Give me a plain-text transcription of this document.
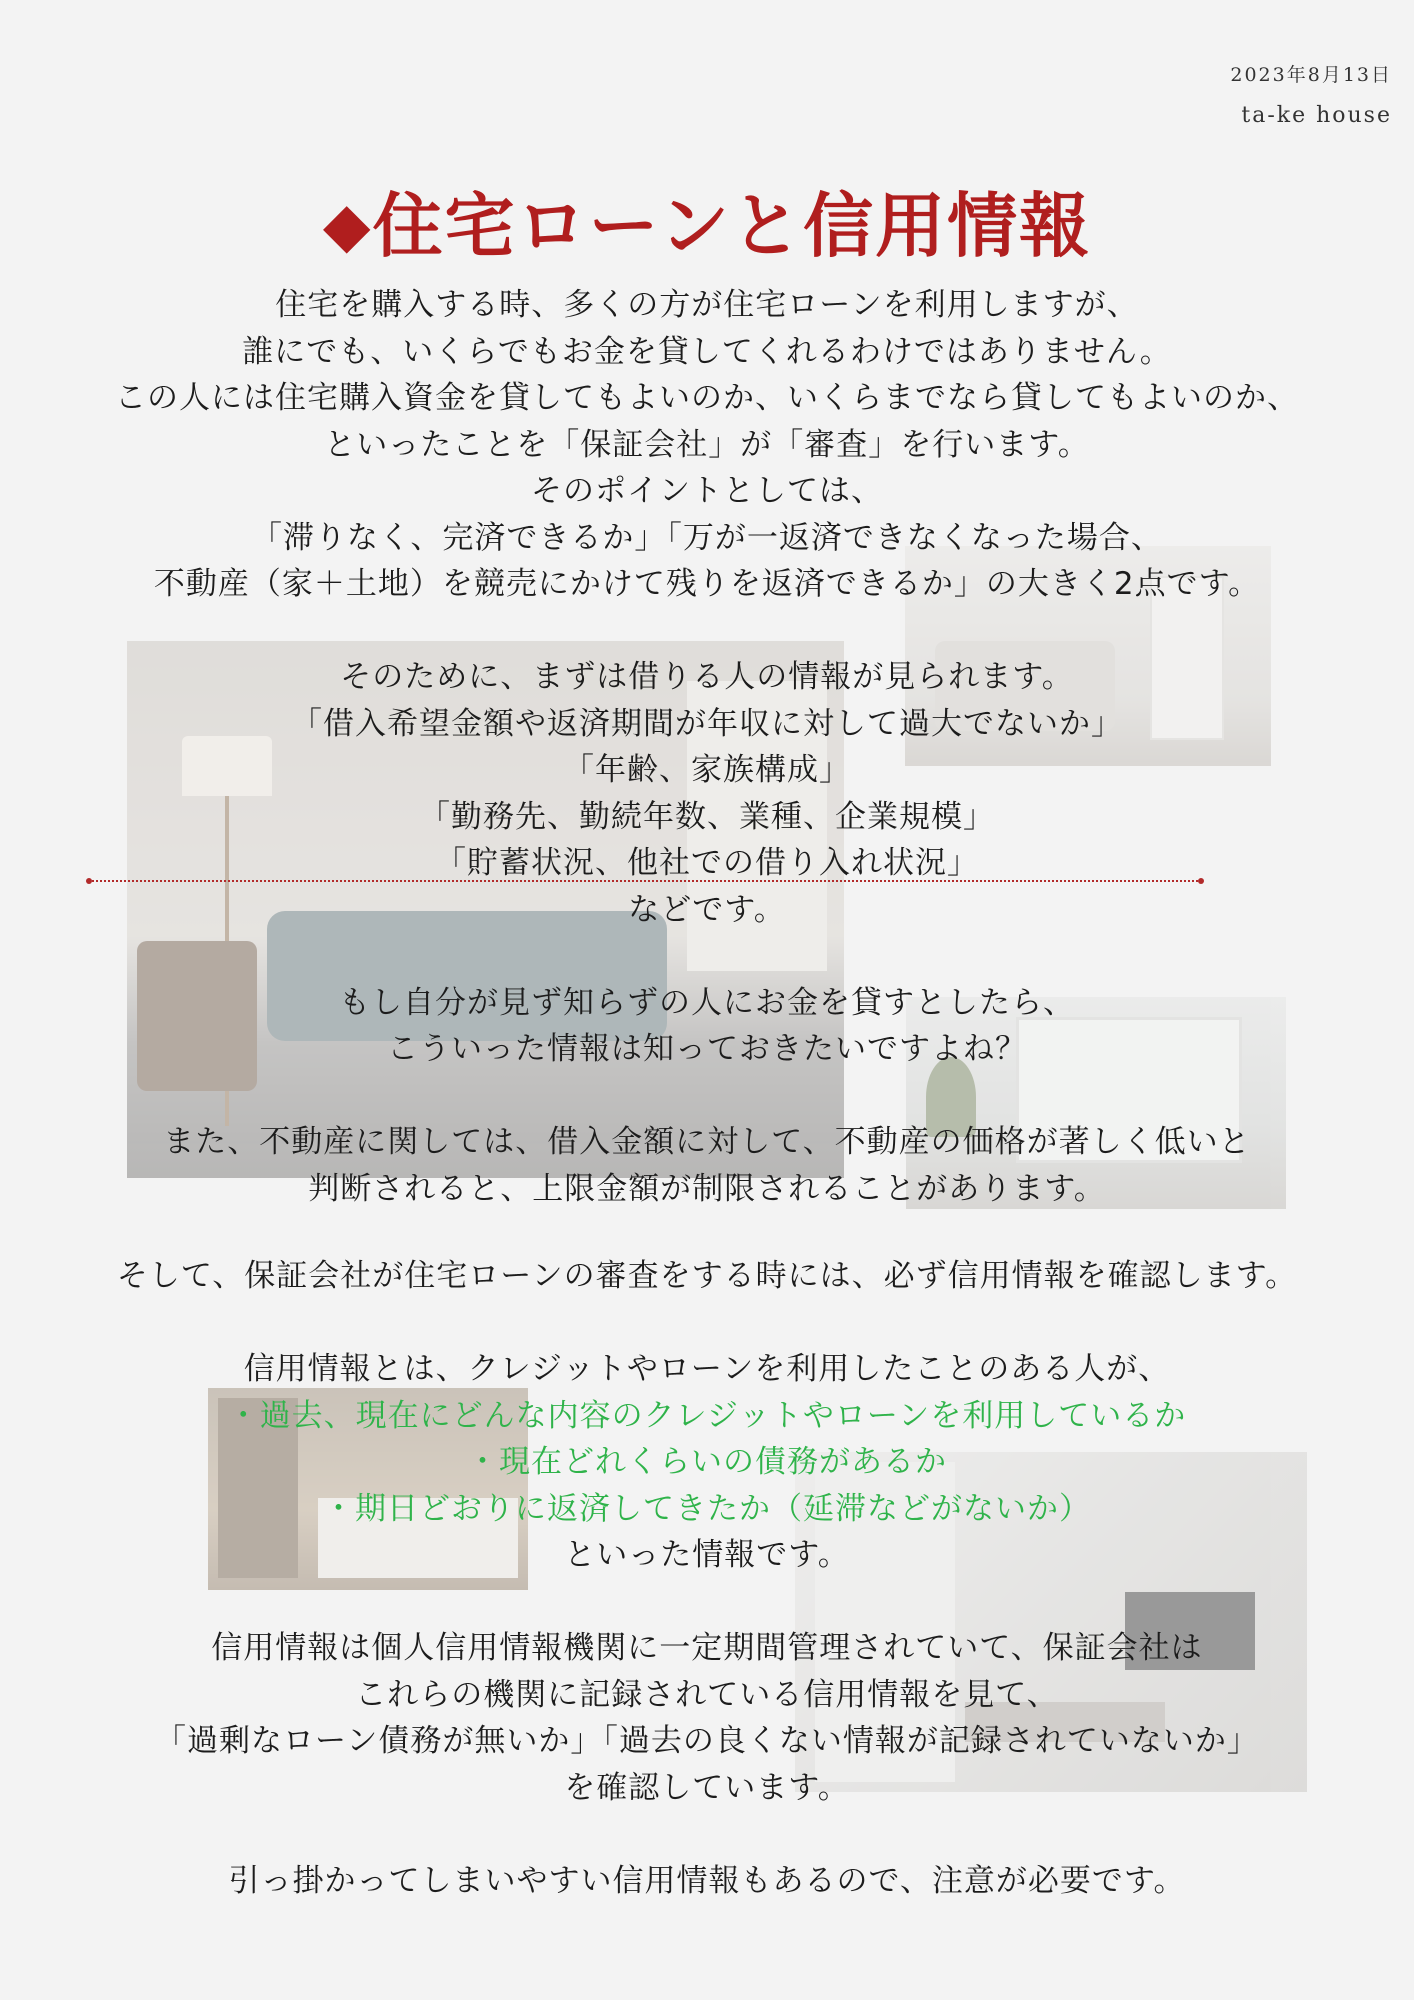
2023年8月13日
ta-ke house
◆住宅ローンと信用情報

住宅を購入する時、多くの方が住宅ローンを利用しますが、

誰にでも、いくらでもお金を貸してくれるわけではありません。

この人には住宅購入資金を貸してもよいのか、いくらまでなら貸してもよいのか、

といったことを「保証会社」が「審査」を行います。

そのポイントとしては、

「滞りなく、完済できるか」「万が一返済できなくなった場合、

不動産（家＋土地）を競売にかけて残りを返済できるか」の大きく2点です。

そのために、まずは借りる人の情報が見られます。

「借入希望金額や返済期間が年収に対して過大でないか」

「年齢、家族構成」

「勤務先、勤続年数、業種、企業規模」

「貯蓄状況、他社での借り入れ状況」

などです。

もし自分が見ず知らずの人にお金を貸すとしたら、

こういった情報は知っておきたいですよね？

また、不動産に関しては、借入金額に対して、不動産の価格が著しく低いと

判断されると、上限金額が制限されることがあります。

そして、保証会社が住宅ローンの審査をする時には、必ず信用情報を確認します。

信用情報とは、クレジットやローンを利用したことのある人が、

・過去、現在にどんな内容のクレジットやローンを利用しているか

・現在どれくらいの債務があるか

・期日どおりに返済してきたか（延滞などがないか）

といった情報です。

信用情報は個人信用情報機関に一定期間管理されていて、保証会社は

これらの機関に記録されている信用情報を見て、

「過剰なローン債務が無いか」「過去の良くない情報が記録されていないか」

を確認しています。

引っ掛かってしまいやすい信用情報もあるので、注意が必要です。
